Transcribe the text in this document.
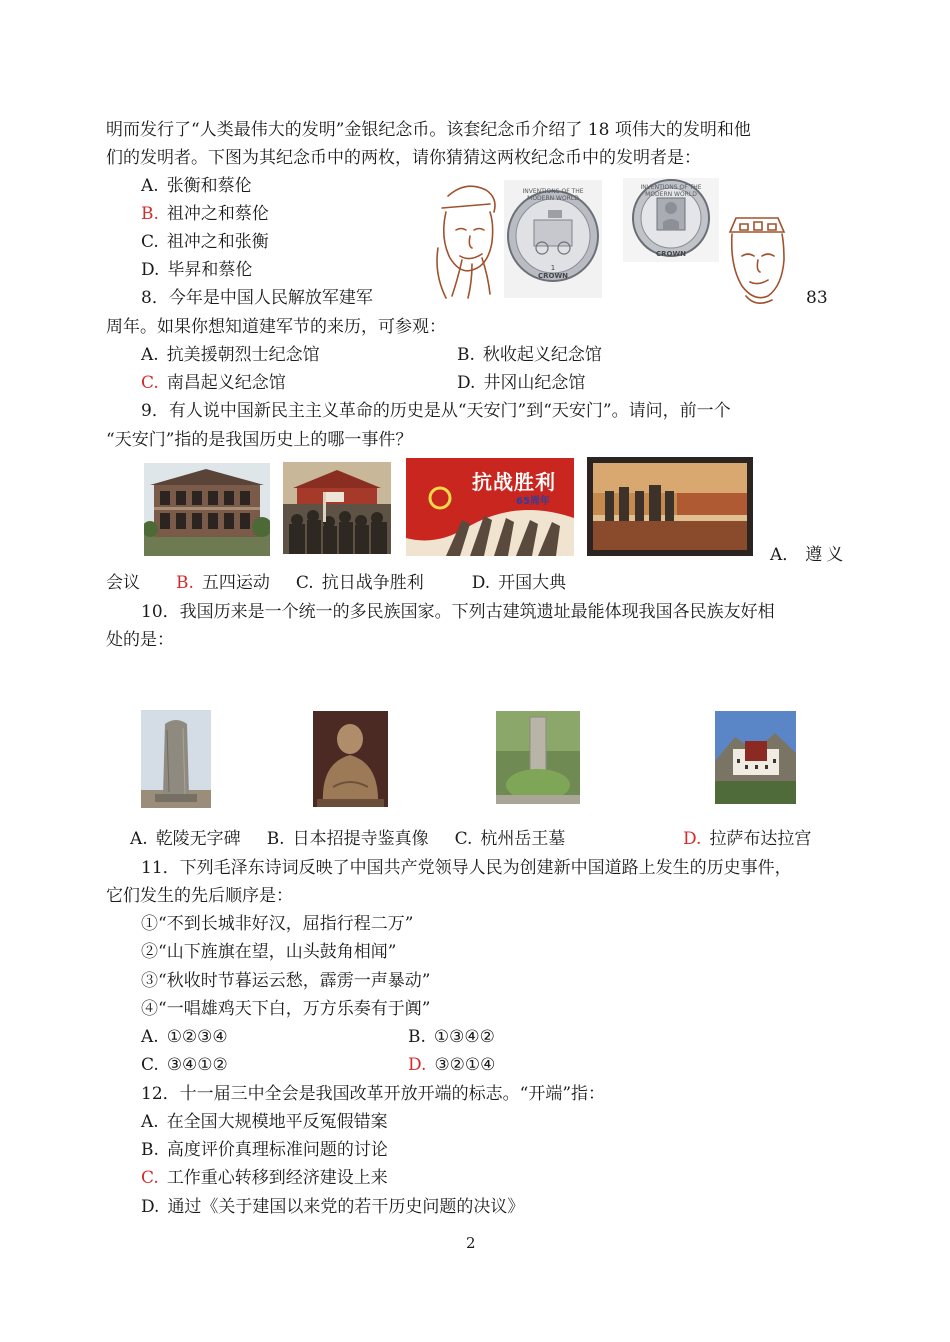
明而发行了“人类最伟大的发明”金银纪念币。该套纪念币介绍了 18 项伟大的发明和他
们的发明者。下图为其纪念币中的两枚，请你猜猜这两枚纪念币中的发明者是：
A. 张衡和蔡伦
B. 祖冲之和蔡伦
C. 祖冲之和张衡
D. 毕昇和蔡伦
INVENTIONS OF THE MODERN WORLD
1
CROWN
INVENTIONS OF THE MODERN WORLD
CROWN
8．今年是中国人民解放军建军	83
周年。如果你想知道建军节的来历，可参观：
A. 抗美援朝烈士纪念馆	B. 秋收起义纪念馆
C. 南昌起义纪念馆	D. 井冈山纪念馆
9．有人说中国新民主主义革命的历史是从“天安门”到“天安门”。请问，前一个
“天安门”指的是我国历史上的哪一事件？
抗战胜利
65周年
A． 遵义
会议 B. 五四运动 C. 抗日战争胜利	D. 开国大典
10．我国历来是一个统一的多民族国家。下列古建筑遗址最能体现我国各民族友好相
处的是：
A. 乾陵无字碑 B. 日本招提寺鉴真像 C. 杭州岳王墓	D. 拉萨布达拉宫
11．下列毛泽东诗词反映了中国共产党领导人民为创建新中国道路上发生的历史事件，
它们发生的先后顺序是：
①“不到长城非好汉，屈指行程二万”
②“山下旌旗在望，山头鼓角相闻”
③“秋收时节暮运云愁，霹雳一声暴动”
④“一唱雄鸡天下白，万方乐奏有于阗”
A. ①②③④	B. ①③④②
C. ③④①②	D. ③②①④
12．十一届三中全会是我国改革开放开端的标志。“开端”指：
A. 在全国大规模地平反冤假错案
B. 高度评价真理标准问题的讨论
C. 工作重心转移到经济建设上来
D. 通过《关于建国以来党的若干历史问题的决议》
2
